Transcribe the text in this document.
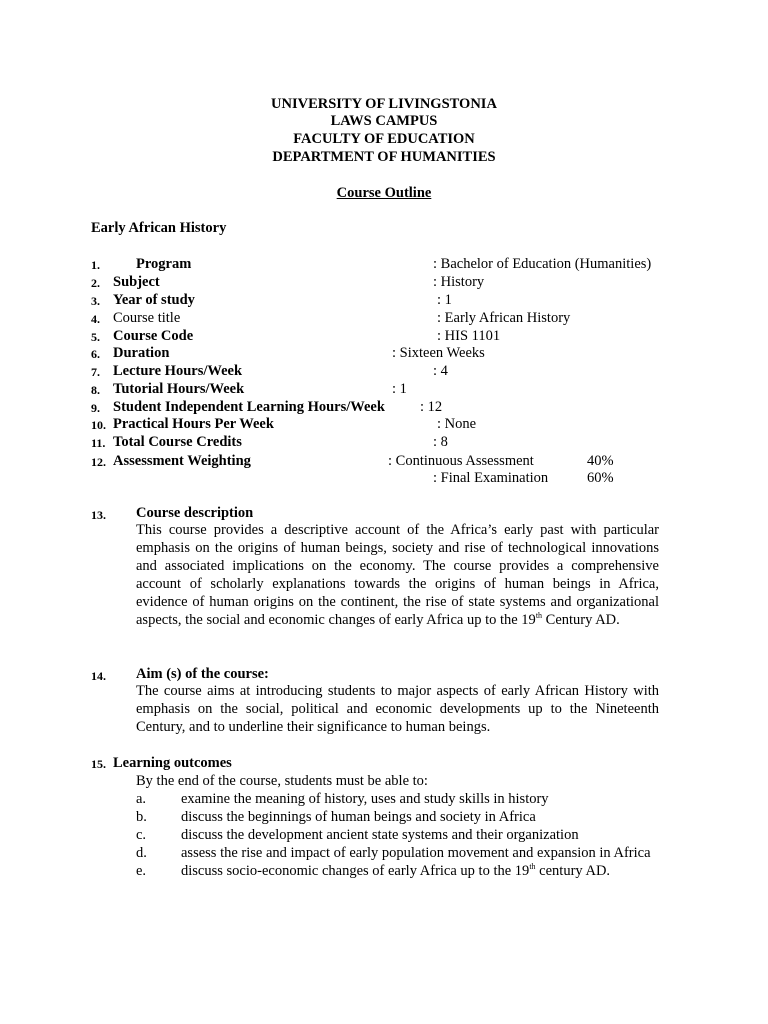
UNIVERSITY OF LIVINGSTONIA
LAWS CAMPUS
FACULTY OF EDUCATION
DEPARTMENT OF HUMANITIES
Course Outline
Early African History
1. Program	: Bachelor of Education (Humanities)
2. Subject	: History
3. Year of study	: 1
4. Course title	: Early African History
5. Course Code	: HIS 1101
6. Duration	: Sixteen Weeks
7. Lecture Hours/Week	: 4
8. Tutorial Hours/Week	: 1
9. Student Independent Learning Hours/Week : 12
10. Practical Hours Per Week	: None
11. Total Course Credits	: 8
12. Assessment Weighting	: Continuous Assessment	40%
: Final Examination	60%
13. Course description
This course provides a descriptive account of the Africa’s early past with particular emphasis on the origins of human beings, society and rise of technological innovations and associated implications on the economy. The course provides a comprehensive account of scholarly explanations towards the origins of human beings in Africa, evidence of human origins on the continent, the rise of state systems and organizational aspects, the social and economic changes of early Africa up to the 19th Century AD.
14. Aim (s) of the course:
The course aims at introducing students to major aspects of early African History with emphasis on the social, political and economic developments up to the Nineteenth Century, and to underline their significance to human beings.
15. Learning outcomes
By the end of the course, students must be able to:
a. examine the meaning of history, uses and study skills in history
b. discuss the beginnings of human beings and society in Africa
c. discuss the development ancient state systems and their organization
d. assess the rise and impact of early population movement and expansion in Africa
e. discuss socio-economic changes of early Africa up to the 19th century AD.
